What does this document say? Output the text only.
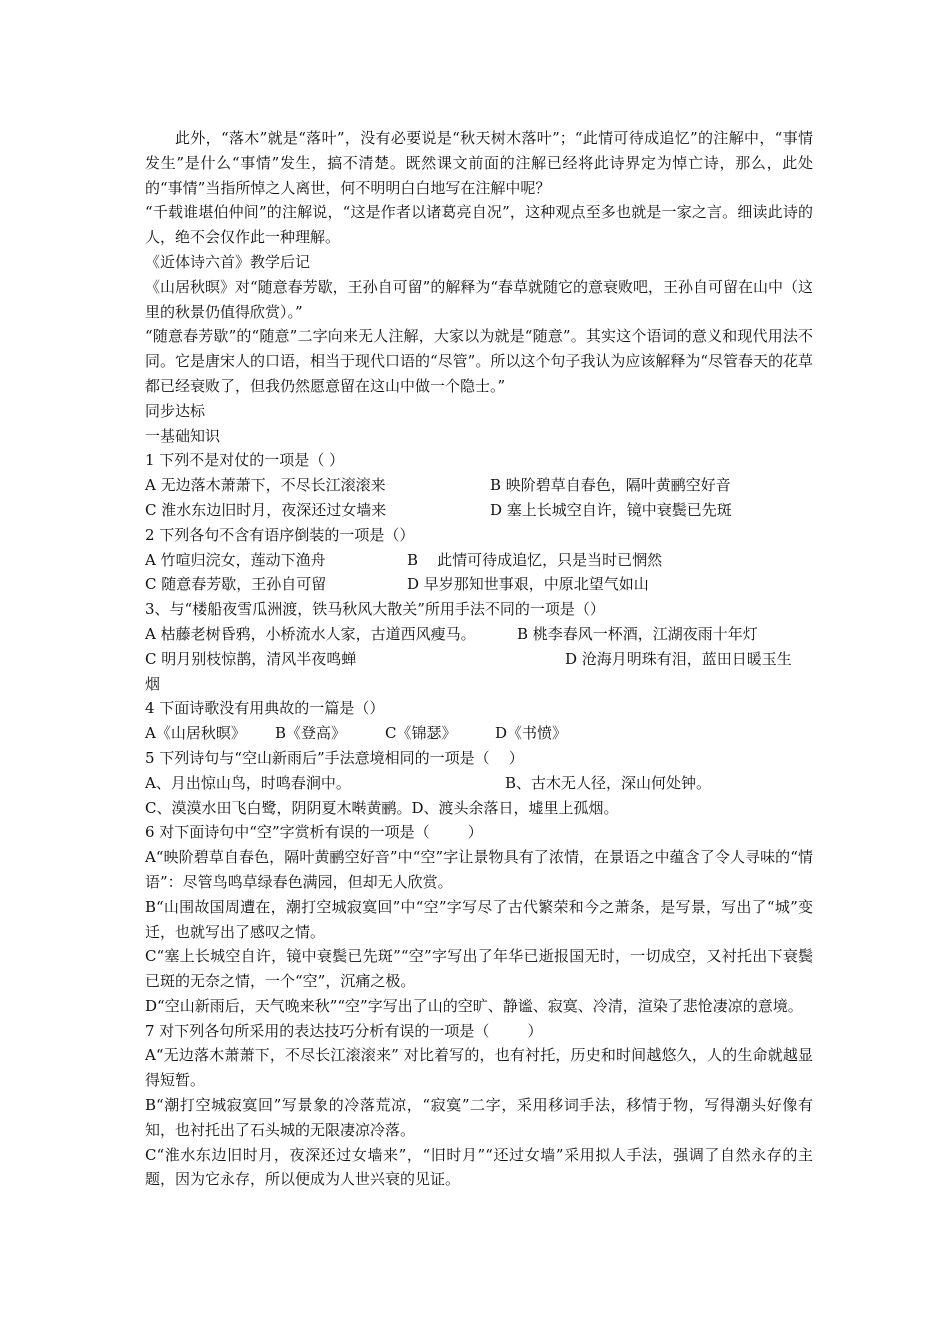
此外，“落木”就是“落叶”，没有必要说是“秋天树木落叶”；“此情可待成追忆”的注解中，“事情发生”是什么“事情”发生，搞不清楚。既然课文前面的注解已经将此诗界定为悼亡诗，那么，此处的“事情”当指所悼之人离世，何不明明白白地写在注解中呢？

“千载谁堪伯仲间”的注解说，“这是作者以诸葛亮自况”，这种观点至多也就是一家之言。细读此诗的人，绝不会仅作此一种理解。

《近体诗六首》教学后记

《山居秋暝》对“随意春芳歇，王孙自可留”的解释为“春草就随它的意衰败吧，王孙自可留在山中（这里的秋景仍值得欣赏）。”

“随意春芳歇”的“随意”二字向来无人注解，大家以为就是“随意”。其实这个语词的意义和现代用法不同。它是唐宋人的口语，相当于现代口语的“尽管”。所以这个句子我认为应该解释为“尽管春天的花草都已经衰败了，但我仍然愿意留在这山中做一个隐士。”

同步达标

一基础知识

1 下列不是对仗的一项是（ ）

A 无边落木萧萧下，不尽长江滚滚来	B 映阶碧草自春色，隔叶黄鹂空好音
C 淮水东边旧时月，夜深还过女墙来	D 塞上长城空自许，镜中衰鬓已先斑

2 下列各句不含有语序倒装的一项是（）

A 竹喧归浣女，莲动下渔舟	B    此情可待成追忆，只是当时已惘然
C 随意春芳歇，王孙自可留	D 早岁那知世事艰，中原北望气如山

3、与“楼船夜雪瓜洲渡，铁马秋风大散关”所用手法不同的一项是（）

A 枯藤老树昏鸦，小桥流水人家，古道西风瘦马。	B 桃李春风一杯酒，江湖夜雨十年灯
C 明月别枝惊鹊，清风半夜鸣蝉	D 沧海月明珠有泪，蓝田日暖玉生

烟

4 下面诗歌没有用典故的一篇是（）

A《山居秋暝》	B《登高》	C《锦瑟》	D《书愤》

5 下列诗句与“空山新雨后”手法意境相同的一项是（    ）

A、月出惊山鸟，时鸣春涧中。	B、古木无人径，深山何处钟。

C、漠漠水田飞白鹭，阴阴夏木啭黄鹂。D、渡头余落日，墟里上孤烟。

6 对下面诗句中“空”字赏析有误的一项是（        ）

A“映阶碧草自春色，隔叶黄鹂空好音”中“空”字让景物具有了浓情，在景语之中蕴含了令人寻味的“情语”：尽管鸟鸣草绿春色满园，但却无人欣赏。

B“山围故国周遭在，潮打空城寂寞回”中“空”字写尽了古代繁荣和今之萧条，是写景，写出了“城”变迁，也就写出了感叹之情。

C“塞上长城空自许，镜中衰鬓已先斑”“空”字写出了年华已逝报国无时，一切成空，又衬托出下衰鬓已斑的无奈之情，一个“空”，沉痛之极。

D“空山新雨后，天气晚来秋”“空”字写出了山的空旷、静谧、寂寞、冷清，渲染了悲怆凄凉的意境。

7 对下列各句所采用的表达技巧分析有误的一项是（        ）

A“无边落木萧萧下，不尽长江滚滚来” 对比着写的，也有衬托，历史和时间越悠久，人的生命就越显得短暂。

B“潮打空城寂寞回”写景象的冷落荒凉，“寂寞”二字，采用移词手法，移情于物，写得潮头好像有知，也衬托出了石头城的无限凄凉冷落。

C“淮水东边旧时月，夜深还过女墙来”，“旧时月”“还过女墙”采用拟人手法，强调了自然永存的主题，因为它永存，所以便成为人世兴衰的见证。
